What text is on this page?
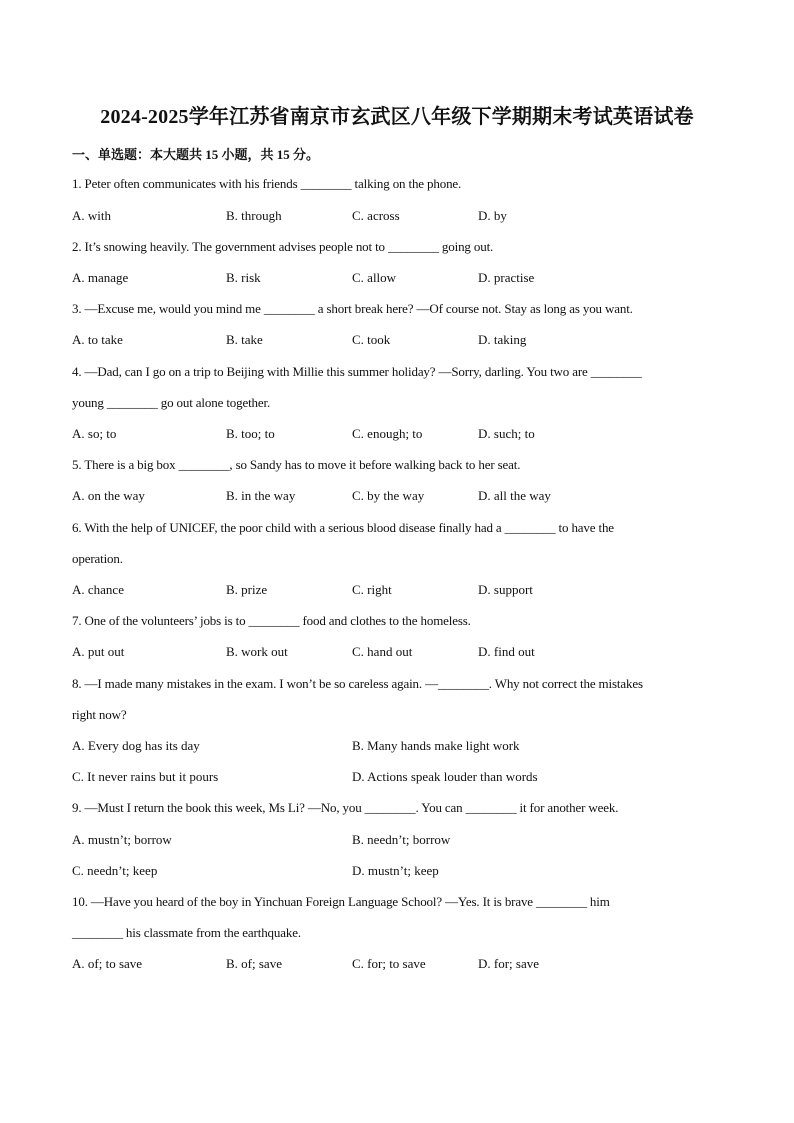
2024-2025学年江苏省南京市玄武区八年级下学期期末考试英语试卷
一、单选题：本大题共 15 小题，共 15 分。
1. Peter often communicates with his friends ________ talking on the phone.
A. with	B. through	C. across	D. by
2. It’s snowing heavily. The government advises people not to ________ going out.
A. manage	B. risk	C. allow	D. practise
3. —Excuse me, would you mind me ________ a short break here? —Of course not. Stay as long as you want.
A. to take	B. take	C. took	D. taking
4. —Dad, can I go on a trip to Beijing with Millie this summer holiday? —Sorry, darling. You two are ________
young ________ go out alone together.
A. so; to	B. too; to	C. enough; to	D. such; to
5. There is a big box ________, so Sandy has to move it before walking back to her seat.
A. on the way	B. in the way	C. by the way	D. all the way
6. With the help of UNICEF, the poor child with a serious blood disease finally had a ________ to have the
operation.
A. chance	B. prize	C. right	D. support
7. One of the volunteers’ jobs is to ________ food and clothes to the homeless.
A. put out	B. work out	C. hand out	D. find out
8. —I made many mistakes in the exam. I won’t be so careless again. —________. Why not correct the mistakes
right now?
A. Every dog has its day	B. Many hands make light work
C. It never rains but it pours	D. Actions speak louder than words
9. —Must I return the book this week, Ms Li? —No, you ________. You can ________ it for another week.
A. mustn’t; borrow	B. needn’t; borrow
C. needn’t; keep	D. mustn’t; keep
10. —Have you heard of the boy in Yinchuan Foreign Language School? —Yes. It is brave ________ him
________ his classmate from the earthquake.
A. of; to save	B. of; save	C. for; to save	D. for; save
